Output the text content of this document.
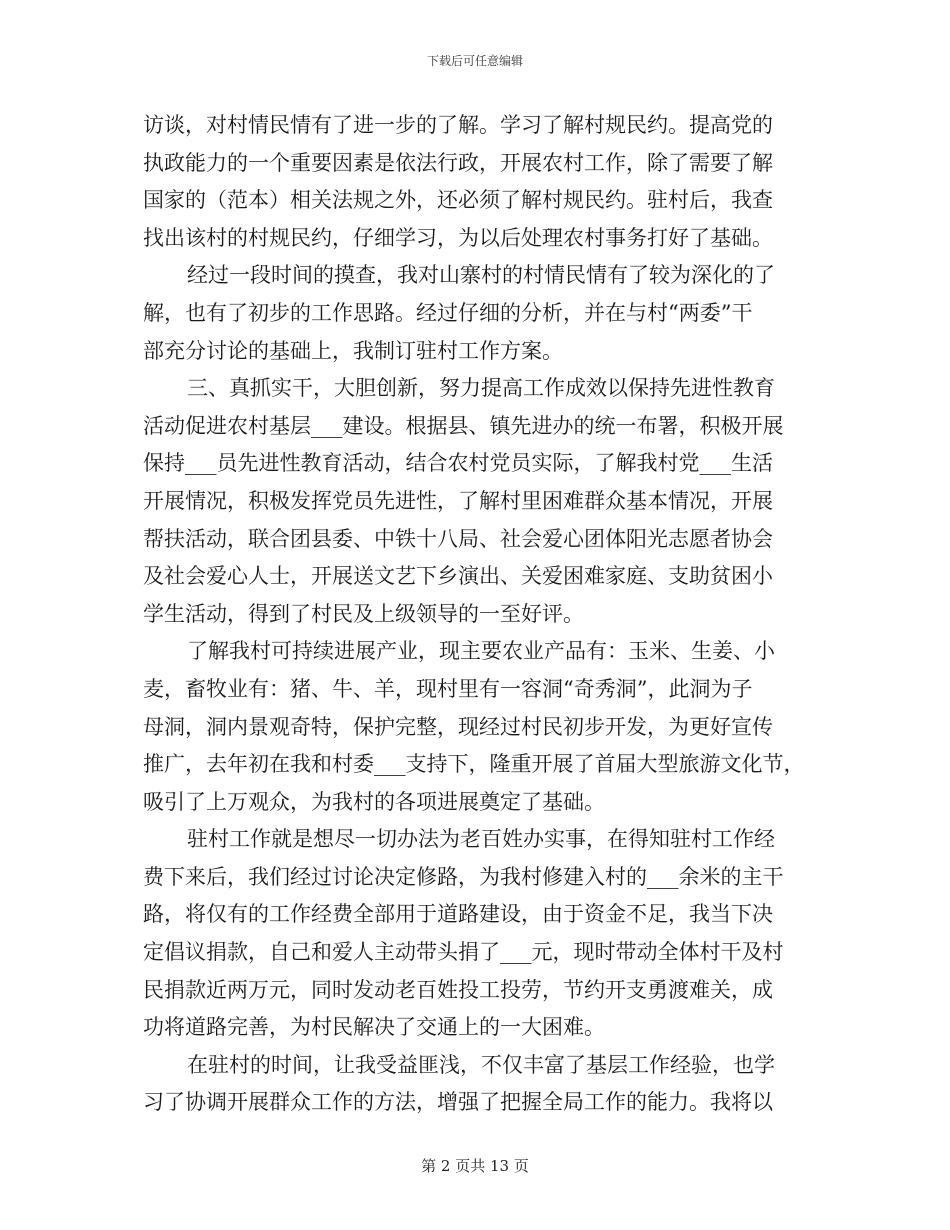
下载后可任意编辑
访谈，对村情民情有了进一步的了解。学习了解村规民约。提高党的
执政能力的一个重要因素是依法行政，开展农村工作，除了需要了解
国家的（范本）相关法规之外，还必须了解村规民约。驻村后，我查
找出该村的村规民约，仔细学习，为以后处理农村事务打好了基础。
经过一段时间的摸查，我对山寨村的村情民情有了较为深化的了
解，也有了初步的工作思路。经过仔细的分析，并在与村“两委”干
部充分讨论的基础上，我制订驻村工作方案。
三、真抓实干，大胆创新，努力提高工作成效以保持先进性教育
活动促进农村基层___建设。根据县、镇先进办的统一布署，积极开展
保持___员先进性教育活动，结合农村党员实际，了解我村党___生活
开展情况，积极发挥党员先进性，了解村里困难群众基本情况，开展
帮扶活动，联合团县委、中铁十八局、社会爱心团体阳光志愿者协会
及社会爱心人士，开展送文艺下乡演出、关爱困难家庭、支助贫困小
学生活动，得到了村民及上级领导的一至好评。
了解我村可持续进展产业，现主要农业产品有：玉米、生姜、小
麦，畜牧业有：猪、牛、羊，现村里有一容洞“奇秀洞”，此洞为子
母洞，洞内景观奇特，保护完整，现经过村民初步开发，为更好宣传
推广，去年初在我和村委___支持下，隆重开展了首届大型旅游文化节，
吸引了上万观众，为我村的各项进展奠定了基础。
驻村工作就是想尽一切办法为老百姓办实事，在得知驻村工作经
费下来后，我们经过讨论决定修路，为我村修建入村的___余米的主干
路，将仅有的工作经费全部用于道路建设，由于资金不足，我当下决
定倡议捐款，自己和爱人主动带头捐了___元，现时带动全体村干及村
民捐款近两万元，同时发动老百姓投工投劳，节约开支勇渡难关，成
功将道路完善，为村民解决了交通上的一大困难。
在驻村的时间，让我受益匪浅，不仅丰富了基层工作经验，也学
习了协调开展群众工作的方法，增强了把握全局工作的能力。我将以
第 2 页共 13 页
